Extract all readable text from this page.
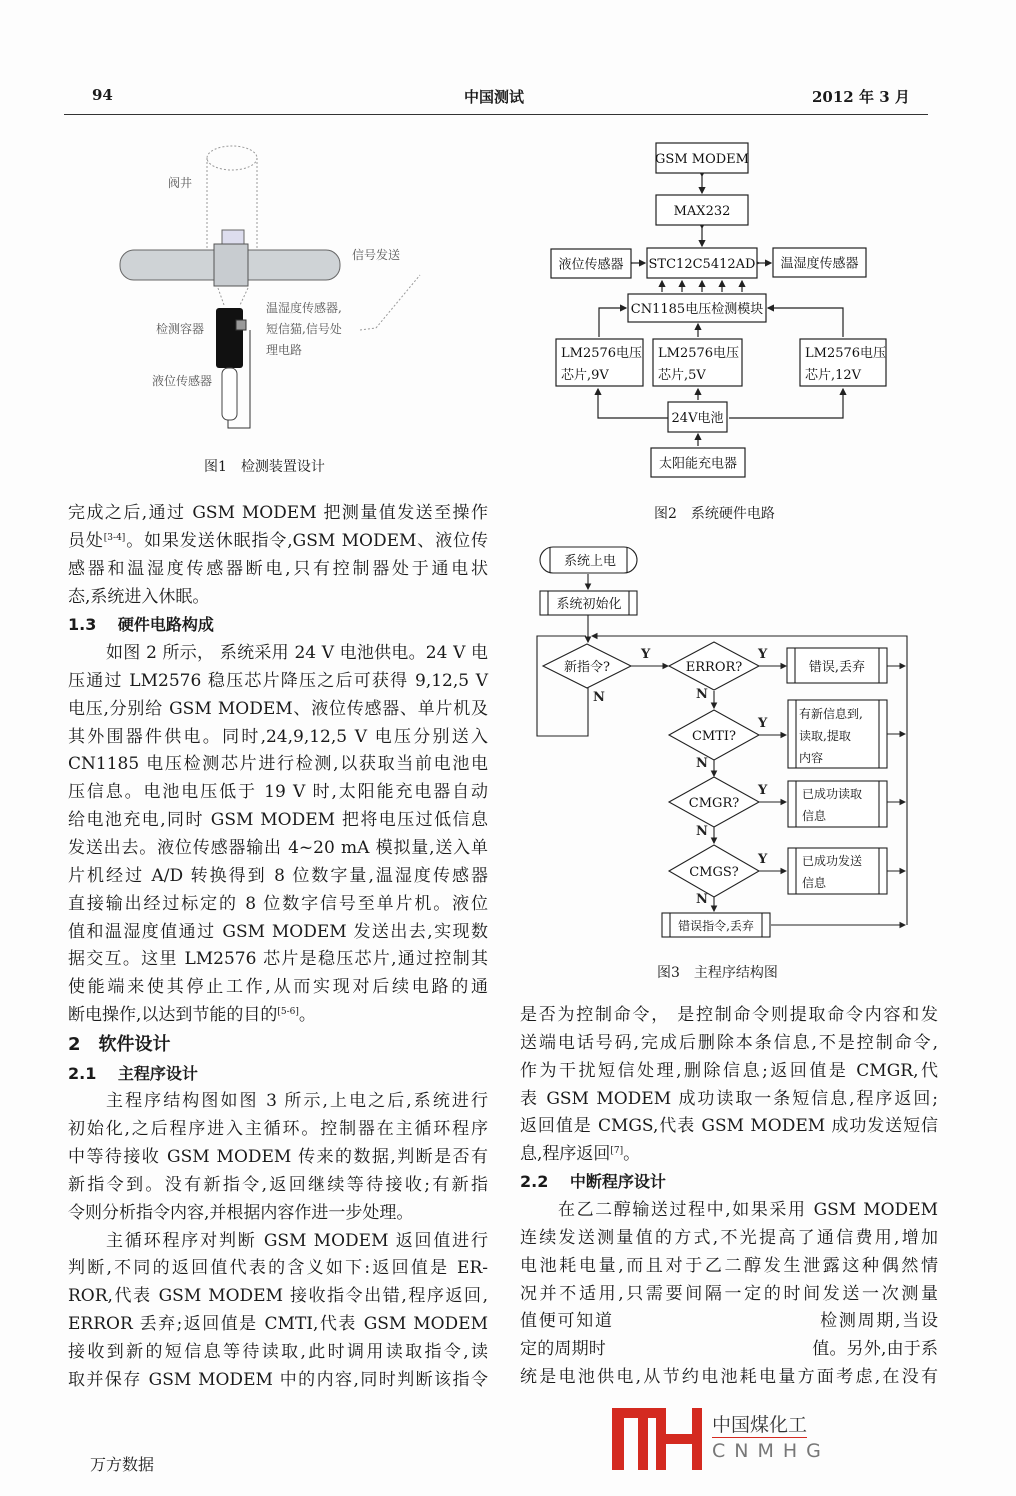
94	中国测试	2012 年 3 月
阀井
信号发送
温湿度传感器,
短信猫,信号处
理电路
检测容器
液位传感器
图1　检测装置设计
GSM MODEM
MAX232
STC12C5412AD
液位传感器	温湿度传感器
CN1185电压检测模块
24V电池
太阳能充电器
LM2576电压
芯片,9V
LM2576电压
芯片,5V
LM2576电压
芯片,12V
图2　系统硬件电路
系统上电
系统初始化
新指令?	ERROR?
CMTI?
CMGR?
CMGS?
错误,丢弃
有新信息到,
读取,提取
内容
已成功读取
信息
已成功发送
信息
错误指令,丢弃
Y	Y
Y
Y
Y
N	N
N
N
N
图3　主程序结构图
完成之后,通过 GSM MODEM 把测量值发送至操作
员处[3-4]。如果发送休眠指令,GSM MODEM、液位传
感器和温湿度传感器断电,只有控制器处于通电状
态,系统进入休眠。
1.3　 硬件电路构成
如图 2 所示， 系统采用 24 V 电池供电。24 V 电
压通过 LM2576 稳压芯片降压之后可获得 9,12,5 V
电压,分别给 GSM MODEM、液位传感器、单片机及
其外围器件供电。同时,24,9,12,5 V 电压分别送入
CN1185 电压检测芯片进行检测,以获取当前电池电
压信息。电池电压低于 19 V 时,太阳能充电器自动
给电池充电,同时 GSM MODEM 把将电压过低信息
发送出去。液位传感器输出 4~20 mA 模拟量,送入单
片机经过 A/D 转换得到 8 位数字量,温湿度传感器
直接输出经过标定的 8 位数字信号至单片机。液位
值和温湿度值通过 GSM MODEM 发送出去,实现数
据交互。这里 LM2576 芯片是稳压芯片,通过控制其
使能端来使其停止工作,从而实现对后续电路的通
断电操作,以达到节能的目的[5-6]。
2　软件设计
2.1　 主程序设计
主程序结构图如图 3 所示,上电之后,系统进行
初始化,之后程序进入主循环。控制器在主循环程序
中等待接收 GSM MODEM 传来的数据,判断是否有
新指令到。没有新指令,返回继续等待接收;有新指
令则分析指令内容,并根据内容作进一步处理。
主循环程序对判断 GSM MODEM 返回值进行
判断,不同的返回值代表的含义如下:返回值是 ER-
ROR,代表 GSM MODEM 接收指令出错,程序返回,
ERROR 丢弃;返回值是 CMTI,代表 GSM MODEM
接收到新的短信息等待读取,此时调用读取指令,读
取并保存 GSM MODEM 中的内容,同时判断该指令
是否为控制命令， 是控制命令则提取命令内容和发
送端电话号码,完成后删除本条信息,不是控制命令,
作为干扰短信处理,删除信息;返回值是 CMGR,代
表 GSM MODEM 成功读取一条短信息,程序返回;
返回值是 CMGS,代表 GSM MODEM 成功发送短信
息,程序返回[7]。
2.2　 中断程序设计
在乙二醇输送过程中,如果采用 GSM MODEM
连续发送测量值的方式,不光提高了通信费用,增加
电池耗电量,而且对于乙二醇发生泄露这种偶然情
况并不适用,只需要间隔一定的时间发送一次测量
值便可知道　　　　　　　　　　　检测周期,当设
定的周期时　　　　　　　　　　　　值。另外,由于系
统是电池供电,从节约电池耗电量方面考虑,在没有
中国煤化工
CNMHG
万方数据
